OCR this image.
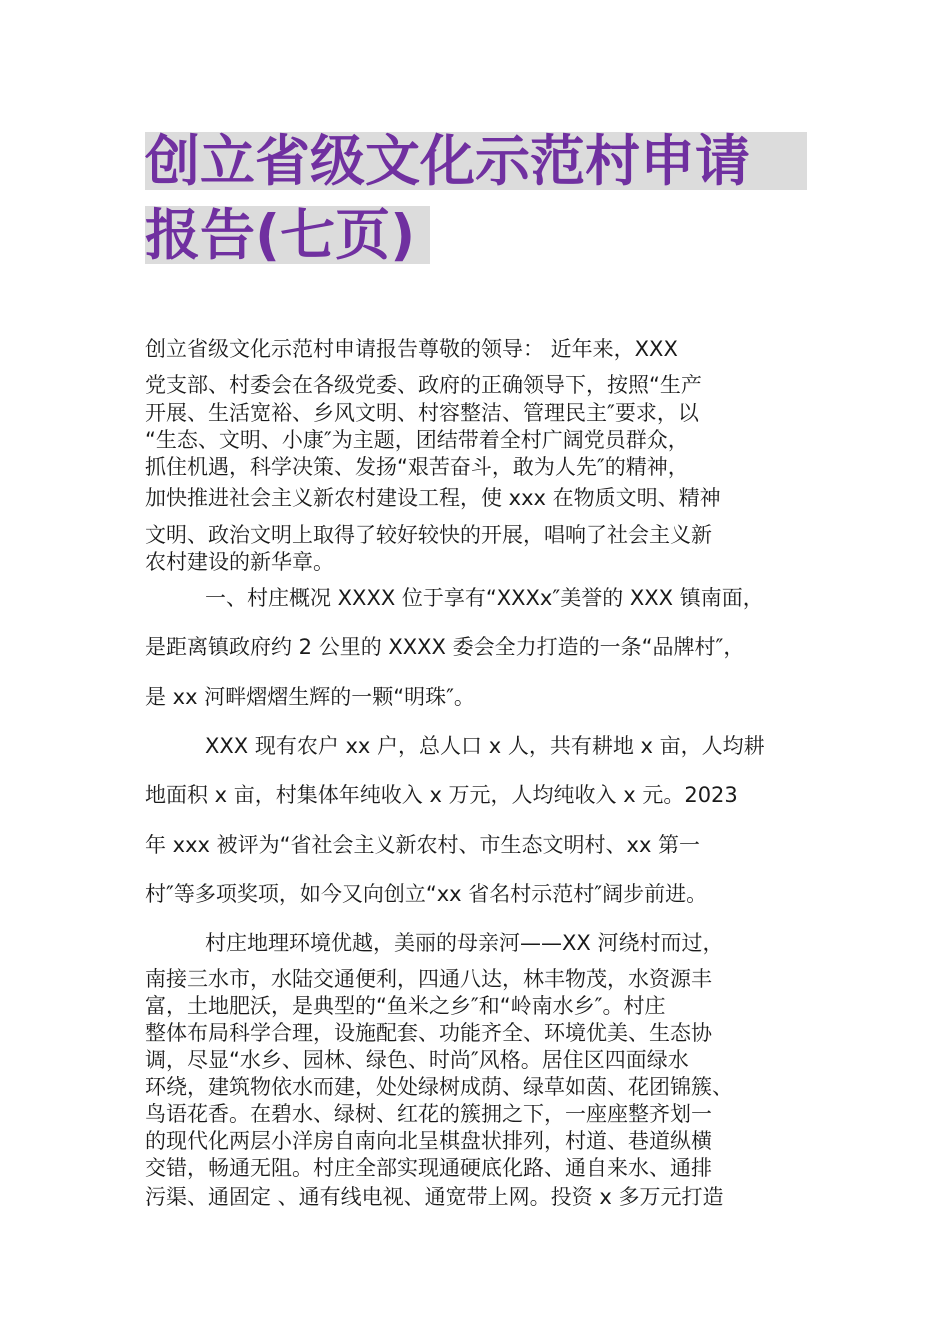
创立省级文化示范村申请
报告(七页)
创立省级文化示范村申请报告尊敬的领导： 近年来，XXX
党支部、村委会在各级党委、政府的正确领导下，按照“生产
开展、生活宽裕、乡风文明、村容整洁、管理民主″要求，以
“生态、文明、小康″为主题，团结带着全村广阔党员群众，
抓住机遇，科学决策、发扬“艰苦奋斗，敢为人先″的精神，
加快推进社会主义新农村建设工程，使 xxx 在物质文明、精神
文明、政治文明上取得了较好较快的开展，唱响了社会主义新
农村建设的新华章。
一、村庄概况 XXXX 位于享有“XXXx″美誉的 XXX 镇南面，
是距离镇政府约 2 公里的 XXXX 委会全力打造的一条“品牌村″，
是 xx 河畔熠熠生辉的一颗“明珠″。
XXX 现有农户 xx 户，总人口 x 人，共有耕地 x 亩，人均耕
地面积 x 亩，村集体年纯收入 x 万元，人均纯收入 x 元。2023
年 xxx 被评为“省社会主义新农村、市生态文明村、xx 第一
村″等多项奖项，如今又向创立“xx 省名村示范村″阔步前进。
村庄地理环境优越，美丽的母亲河——XX 河绕村而过，
南接三水市，水陆交通便利，四通八达，林丰物茂，水资源丰
富，土地肥沃，是典型的“鱼米之乡″和“岭南水乡″。村庄
整体布局科学合理，设施配套、功能齐全、环境优美、生态协
调，尽显“水乡、园林、绿色、时尚″风格。居住区四面绿水
环绕，建筑物依水而建，处处绿树成荫、绿草如茵、花团锦簇、
鸟语花香。在碧水、绿树、红花的簇拥之下，一座座整齐划一
的现代化两层小洋房自南向北呈棋盘状排列，村道、巷道纵横
交错，畅通无阻。村庄全部实现通硬底化路、通自来水、通排
污渠、通固定 、通有线电视、通宽带上网。投资 x 多万元打造
